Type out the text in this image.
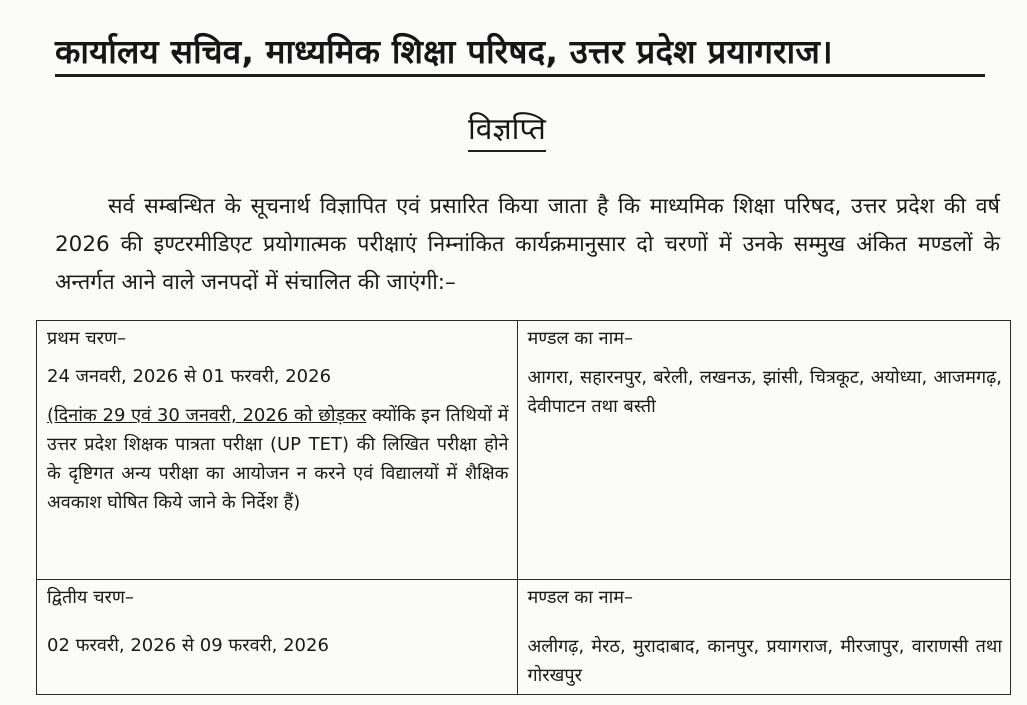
कार्यालय सचिव, माध्यमिक शिक्षा परिषद, उत्तर प्रदेश प्रयागराज।
विज्ञप्ति
सर्व सम्बन्धित के सूचनार्थ विज्ञापित एवं प्रसारित किया जाता है कि माध्यमिक शिक्षा परिषद, उत्तर प्रदेश की वर्ष 2026 की इण्टरमीडिएट प्रयोगात्मक परीक्षाएं निम्नांकित कार्यक्रमानुसार दो चरणों में उनके सम्मुख अंकित मण्डलों के अन्तर्गत आने वाले जनपदों में संचालित की जाएंगी:–
प्रथम चरण–
24 जनवरी, 2026 से 01 फरवरी, 2026
(दिनांक 29 एवं 30 जनवरी, 2026 को छोड़कर क्योंकि इन तिथियों में उत्तर प्रदेश शिक्षक पात्रता परीक्षा (UP TET) की लिखित परीक्षा होने के दृष्टिगत अन्य परीक्षा का आयोजन न करने एवं विद्यालयों में शैक्षिक अवकाश घोषित किये जाने के निर्देश हैं)	मण्डल का नाम–
आगरा, सहारनपुर, बरेली, लखनऊ, झांसी, चित्रकूट, अयोध्या, आजमगढ़, देवीपाटन तथा बस्ती

द्वितीय चरण–
02 फरवरी, 2026 से 09 फरवरी, 2026	मण्डल का नाम–
अलीगढ़, मेरठ, मुरादाबाद, कानपुर, प्रयागराज, मीरजापुर, वाराणसी तथा गोरखपुर
